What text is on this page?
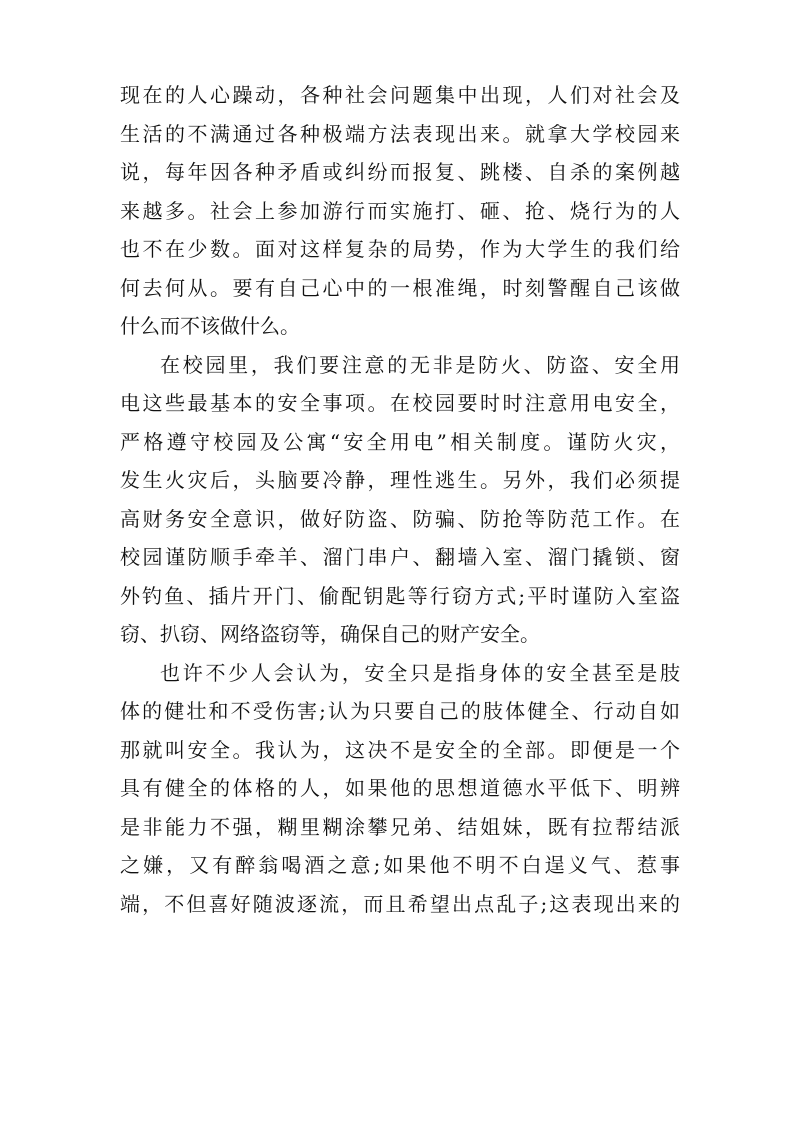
现在的人心躁动，各种社会问题集中出现，人们对社会及
生活的不满通过各种极端方法表现出来。就拿大学校园来
说，每年因各种矛盾或纠纷而报复、跳楼、自杀的案例越
来越多。社会上参加游行而实施打、砸、抢、烧行为的人
也不在少数。面对这样复杂的局势，作为大学生的我们给
何去何从。要有自己心中的一根准绳，时刻警醒自己该做
什么而不该做什么。

在校园里，我们要注意的无非是防火、防盗、安全用
电这些最基本的安全事项。在校园要时时注意用电安全，
严格遵守校园及公寓“安全用电”相关制度。谨防火灾，
发生火灾后，头脑要冷静，理性逃生。另外，我们必须提
高财务安全意识，做好防盗、防骗、防抢等防范工作。在
校园谨防顺手牵羊、溜门串户、翻墙入室、溜门撬锁、窗
外钓鱼、插片开门、偷配钥匙等行窃方式;平时谨防入室盗
窃、扒窃、网络盗窃等，确保自己的财产安全。

也许不少人会认为，安全只是指身体的安全甚至是肢
体的健壮和不受伤害;认为只要自己的肢体健全、行动自如
那就叫安全。我认为，这决不是安全的全部。即便是一个
具有健全的体格的人，如果他的思想道德水平低下、明辨
是非能力不强，糊里糊涂攀兄弟、结姐妹，既有拉帮结派
之嫌，又有醉翁喝酒之意;如果他不明不白逞义气、惹事
端，不但喜好随波逐流，而且希望出点乱子;这表现出来的
